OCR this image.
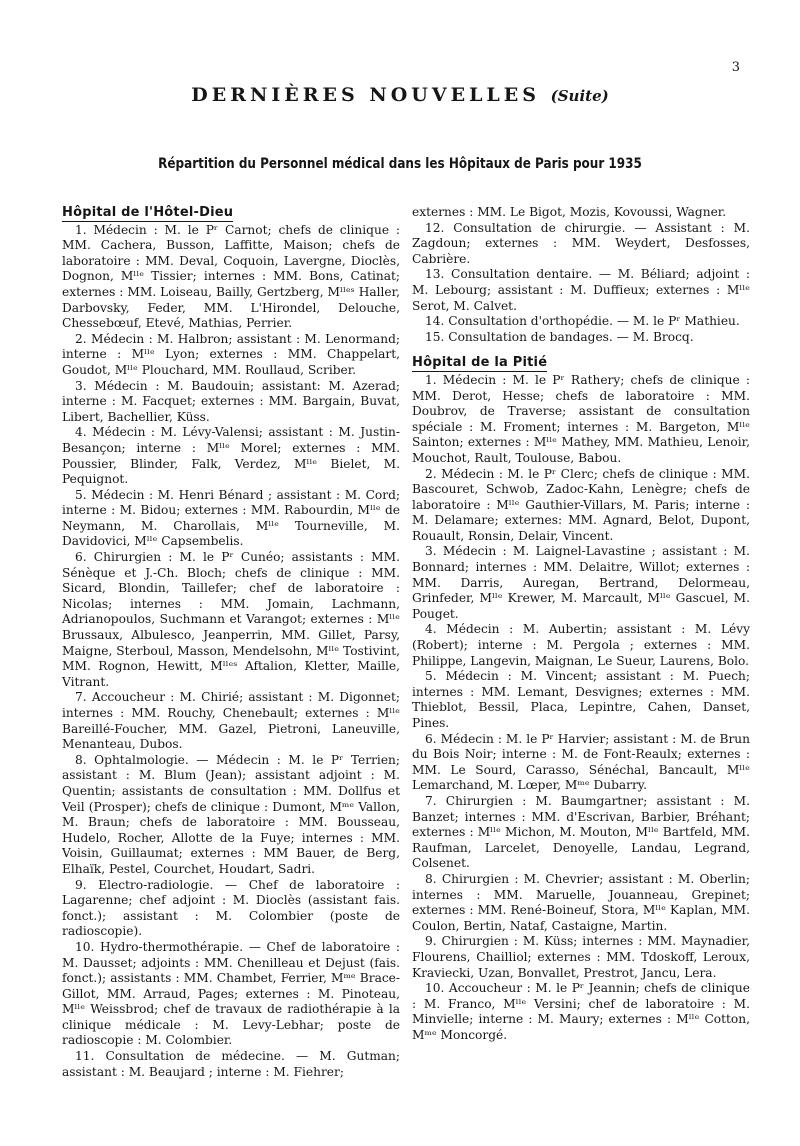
3
DERNIÈRES NOUVELLES (Suite)
Répartition du Personnel médical dans les Hôpitaux de Paris pour 1935
Hôpital de l'Hôtel-Dieu

1. Médecin : M. le Pʳ Carnot; chefs de clinique : MM. Cachera, Busson, Laffitte, Maison; chefs de laboratoire : MM. Deval, Coquoin, Lavergne, Dioclès, Dognon, Mˡˡᵉ Tissier; internes : MM. Bons, Catinat; externes : MM. Loiseau, Bailly, Gertzberg, Mˡˡᵉˢ Haller, Darbovsky, Feder, MM. L'Hirondel, Delouche, Chessebœuf, Etevé, Mathias, Perrier.

2. Médecin : M. Halbron; assistant : M. Lenormand; interne : Mˡˡᵉ Lyon; externes : MM. Chappelart, Goudot, Mˡˡᵉ Plouchard, MM. Roullaud, Scriber.

3. Médecin : M. Baudouin; assistant: M. Azerad; interne : M. Facquet; externes : MM. Bargain, Buvat, Libert, Bachellier, Küss.

4. Médecin : M. Lévy-Valensi; assistant : M. Justin-Besançon; interne : Mˡˡᵉ Morel; externes : MM. Poussier, Blinder, Falk, Verdez, Mˡˡᵉ Bielet, M. Pequignot.

5. Médecin : M. Henri Bénard ; assistant : M. Cord; interne : M. Bidou; externes : MM. Rabourdin, Mˡˡᵉ de Neymann, M. Charollais, Mˡˡᵉ Tourneville, M. Davidovici, Mˡˡᵉ Capsembelis.

6. Chirurgien : M. le Pʳ Cunéo; assistants : MM. Sénèque et J.-Ch. Bloch; chefs de clinique : MM. Sicard, Blondin, Taillefer; chef de laboratoire : Nicolas; internes : MM. Jomain, Lachmann, Adrianopoulos, Suchmann et Varangot; externes : Mˡˡᵉ Brussaux, Albulesco, Jeanperrin, MM. Gillet, Parsy, Maigne, Sterboul, Masson, Mendelsohn, Mˡˡᵉ Tostivint, MM. Rognon, Hewitt, Mˡˡᵉˢ Aftalion, Kletter, Maille, Vitrant.

7. Accoucheur : M. Chirié; assistant : M. Digonnet; internes : MM. Rouchy, Chenebault; externes : Mˡˡᵉ Bareillé-Foucher, MM. Gazel, Pietroni, Laneuville, Menanteau, Dubos.

8. Ophtalmologie. — Médecin : M. le Pʳ Terrien; assistant : M. Blum (Jean); assistant adjoint : M. Quentin; assistants de consultation : MM. Dollfus et Veil (Prosper); chefs de clinique : Dumont, Mᵐᵉ Vallon, M. Braun; chefs de laboratoire : MM. Bousseau, Hudelo, Rocher, Allotte de la Fuye; internes : MM. Voisin, Guillaumat; externes : MM Bauer, de Berg, Elhaïk, Pestel, Courchet, Houdart, Sadri.

9. Electro-radiologie. — Chef de laboratoire : Lagarenne; chef adjoint : M. Dioclès (assistant fais. fonct.); assistant : M. Colombier (poste de radioscopie).

10. Hydro-thermothérapie. — Chef de laboratoire : M. Dausset; adjoints : MM. Chenilleau et Dejust (fais. fonct.); assistants : MM. Chambet, Ferrier, Mᵐᵉ Brace-Gillot, MM. Arraud, Pages; externes : M. Pinoteau, Mˡˡᵉ Weissbrod; chef de travaux de radiothérapie à la clinique médicale : M. Levy-Lebhar; poste de radioscopie : M. Colombier.

11. Consultation de médecine. — M. Gutman; assistant : M. Beaujard ; interne : M. Fiehrer;

externes : MM. Le Bigot, Mozis, Kovoussi, Wagner.

12. Consultation de chirurgie. — Assistant : M. Zagdoun; externes : MM. Weydert, Desfosses, Cabrière.

13. Consultation dentaire. — M. Béliard; adjoint : M. Lebourg; assistant : M. Duffieux; externes : Mˡˡᵉ Serot, M. Calvet.

14. Consultation d'orthopédie. — M. le Pʳ Mathieu.

15. Consultation de bandages. — M. Brocq.

Hôpital de la Pitié

1. Médecin : M. le Pʳ Rathery; chefs de clinique : MM. Derot, Hesse; chefs de laboratoire : MM. Doubrov, de Traverse; assistant de consultation spéciale : M. Froment; internes : M. Bargeton, Mˡˡᵉ Sainton; externes : Mˡˡᵉ Mathey, MM. Mathieu, Lenoir, Mouchot, Rault, Toulouse, Babou.

2. Médecin : M. le Pʳ Clerc; chefs de clinique : MM. Bascouret, Schwob, Zadoc-Kahn, Lenègre; chefs de laboratoire : Mˡˡᵉ Gauthier-Villars, M. Paris; interne : M. Delamare; externes: MM. Agnard, Belot, Dupont, Rouault, Ronsin, Delair, Vincent.

3. Médecin : M. Laignel-Lavastine ; assistant : M. Bonnard; internes : MM. Delaitre, Willot; externes : MM. Darris, Auregan, Bertrand, Delormeau, Grinfeder, Mˡˡᵉ Krewer, M. Marcault, Mˡˡᵉ Gascuel, M. Pouget.

4. Médecin : M. Aubertin; assistant : M. Lévy (Robert); interne : M. Pergola ; externes : MM. Philippe, Langevin, Maignan, Le Sueur, Laurens, Bolo.

5. Médecin : M. Vincent; assistant : M. Puech; internes : MM. Lemant, Desvignes; externes : MM. Thieblot, Bessil, Placa, Lepintre, Cahen, Danset, Pines.

6. Médecin : M. le Pʳ Harvier; assistant : M. de Brun du Bois Noir; interne : M. de Font-Reaulx; externes : MM. Le Sourd, Carasso, Sénéchal, Bancault, Mˡˡᵉ Lemarchand, M. Lœper, Mᵐᵉ Dubarry.

7. Chirurgien : M. Baumgartner; assistant : M. Banzet; internes : MM. d'Escrivan, Barbier, Bréhant; externes : Mˡˡᵉ Michon, M. Mouton, Mˡˡᵉ Bartfeld, MM. Raufman, Larcelet, Denoyelle, Landau, Legrand, Colsenet.

8. Chirurgien : M. Chevrier; assistant : M. Oberlin; internes : MM. Maruelle, Jouanneau, Grepinet; externes : MM. René-Boineuf, Stora, Mˡˡᵉ Kaplan, MM. Coulon, Bertin, Nataf, Castaigne, Martin.

9. Chirurgien : M. Küss; internes : MM. Maynadier, Flourens, Chailliol; externes : MM. Tdoskoff, Leroux, Kraviecki, Uzan, Bonvallet, Prestrot, Jancu, Lera.

10. Accoucheur : M. le Pʳ Jeannin; chefs de clinique : M. Franco, Mˡˡᵉ Versini; chef de laboratoire : M. Minvielle; interne : M. Maury; externes : Mˡˡᵉ Cotton, Mᵐᵉ Moncorgé.
